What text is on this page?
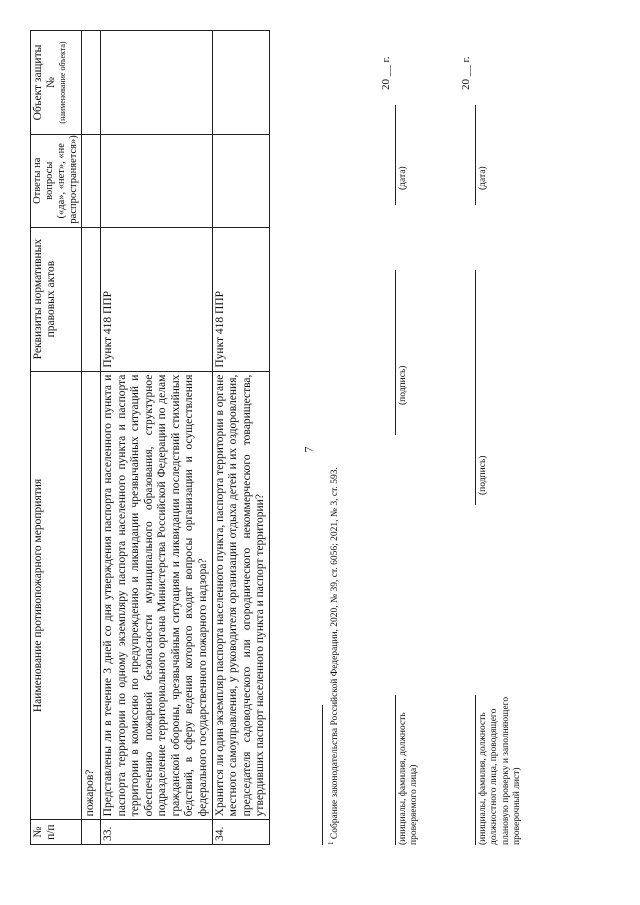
7
№
п/п	Наименование противопожарного мероприятия	Реквизиты нормативных правовых актов	Ответы на
вопросы
(«да», «нет», «не
распространяется»)	Объект защиты
№ (наименование объекта)

	пожаров?			
33.	Представлены ли в течение 3 дней со дня утверждения паспорта населенного пункта и паспорта территории по одному экземпляру паспорта населенного пункта и паспорта территории в комиссию по предупреждению и ликвидации чрезвычайных ситуаций и обеспечению пожарной безопасности муниципального образования, структурное подразделение территориального органа Министерства Российской Федерации по делам гражданской обороны, чрезвычайным ситуациям и ликвидации последствий стихийных бедствий, в сферу ведения которого входят вопросы организации и осуществления федерального государственного пожарного надзора?	Пункт 418 ППР		
34.	Хранится ли один экземпляр паспорта населенного пункта, паспорта территории в органе местного самоуправления, у руководителя организации отдыха детей и их оздоровления, председателя садоводческого или огороднического некоммерческого товарищества, утвердивших паспорт населенного пункта и паспорт территории?	Пункт 418 ППР		
$^1$ Собрание законодательства Российской Федерации, 2020, № 39, ст. 6056; 2021, № 3, ст. 593.	(инициалы, фамилия, должность
проверяемого лица)
(подпись)
(дата)
20 __ г.
(инициалы, фамилия, должность
должностного лица, проводящего
плановую проверку и заполняющего
проверочный лист)
(подпись)
(дата)
20 __ г.
